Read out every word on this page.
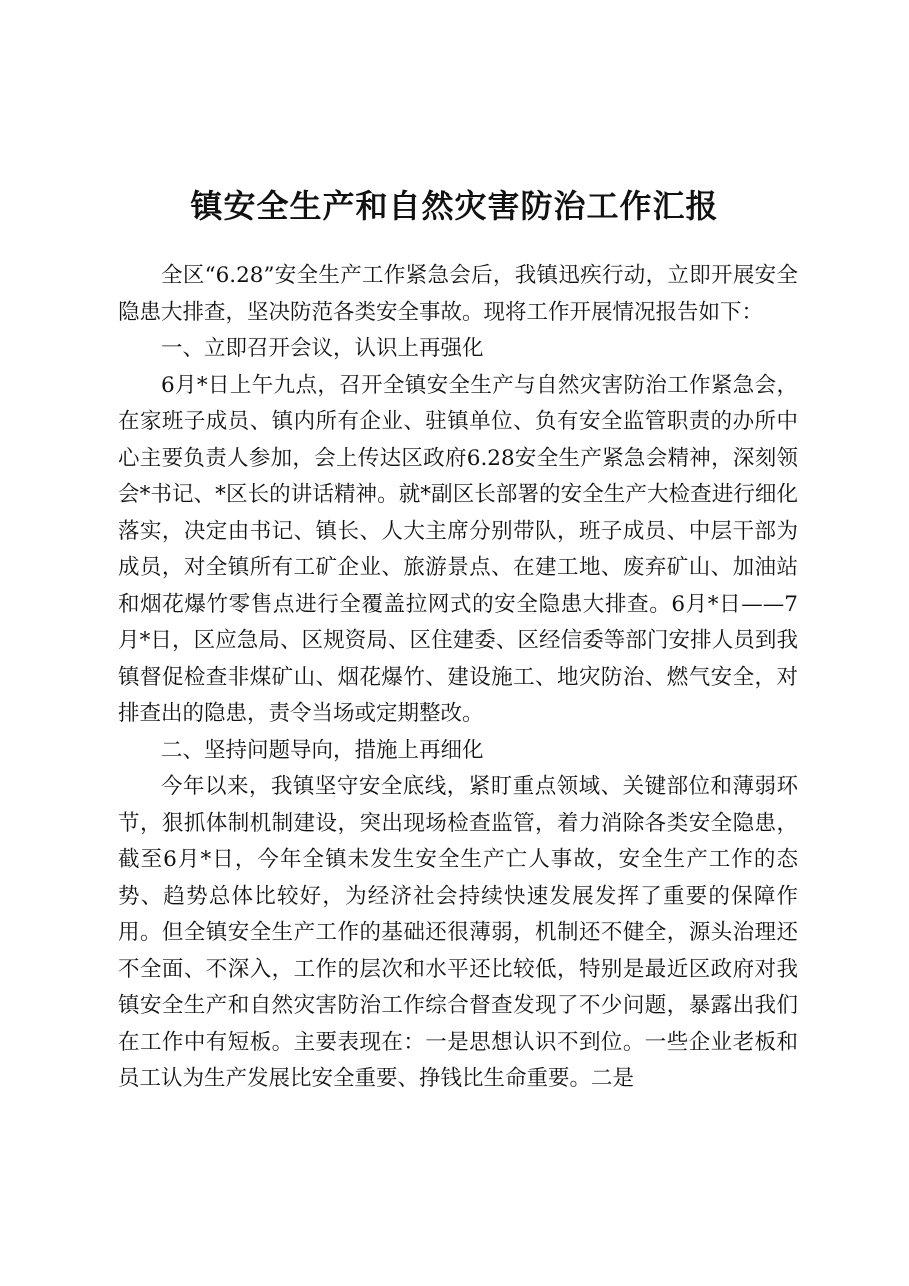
镇安全生产和自然灾害防治工作汇报

全区“6.28”安全生产工作紧急会后，我镇迅疾行动，立即开展安全隐患大排查，坚决防范各类安全事故。现将工作开展情况报告如下：

一、立即召开会议，认识上再强化

6月*日上午九点，召开全镇安全生产与自然灾害防治工作紧急会，在家班子成员、镇内所有企业、驻镇单位、负有安全监管职责的办所中心主要负责人参加，会上传达区政府6.28安全生产紧急会精神，深刻领会*书记、*区长的讲话精神。就*副区长部署的安全生产大检查进行细化落实，决定由书记、镇长、人大主席分别带队，班子成员、中层干部为成员，对全镇所有工矿企业、旅游景点、在建工地、废弃矿山、加油站和烟花爆竹零售点进行全覆盖拉网式的安全隐患大排查。6月*日——7月*日，区应急局、区规资局、区住建委、区经信委等部门安排人员到我镇督促检查非煤矿山、烟花爆竹、建设施工、地灾防治、燃气安全，对排查出的隐患，责令当场或定期整改。

二、坚持问题导向，措施上再细化

今年以来，我镇坚守安全底线，紧盯重点领域、关键部位和薄弱环节，狠抓体制机制建设，突出现场检查监管，着力消除各类安全隐患，截至6月*日，今年全镇未发生安全生产亡人事故，安全生产工作的态势、趋势总体比较好，为经济社会持续快速发展发挥了重要的保障作用。但全镇安全生产工作的基础还很薄弱，机制还不健全，源头治理还不全面、不深入，工作的层次和水平还比较低，特别是最近区政府对我镇安全生产和自然灾害防治工作综合督查发现了不少问题，暴露出我们在工作中有短板。主要表现在：一是思想认识不到位。一些企业老板和员工认为生产发展比安全重要、挣钱比生命重要。二是
